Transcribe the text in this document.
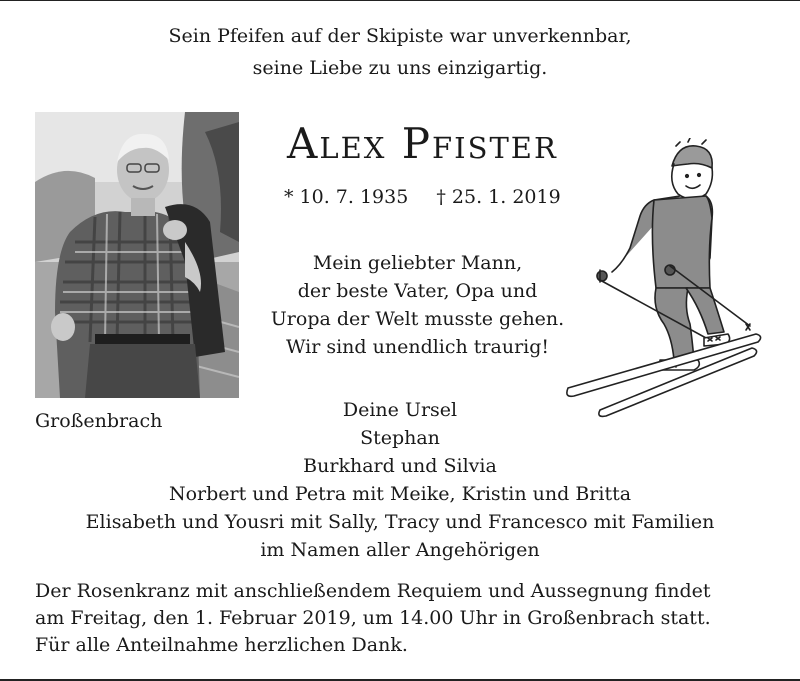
Sein Pfeifen auf der Skipiste war unverkennbar,
seine Liebe zu uns einzigartig.
Großenbrach
Alex Pfister
* 10. 7. 1935 † 25. 1. 2019
Mein geliebter Mann,
der beste Vater, Opa und
Uropa der Welt musste gehen.
Wir sind unendlich traurig!
Deine Ursel
Stephan
Burkhard und Silvia
Norbert und Petra mit Meike, Kristin und Britta
Elisabeth und Yousri mit Sally, Tracy und Francesco mit Familien
im Namen aller Angehörigen
Der Rosenkranz mit anschließendem Requiem und Aussegnung findet
am Freitag, den 1. Februar 2019, um 14.00 Uhr in Großenbrach statt.
Für alle Anteilnahme herzlichen Dank.
